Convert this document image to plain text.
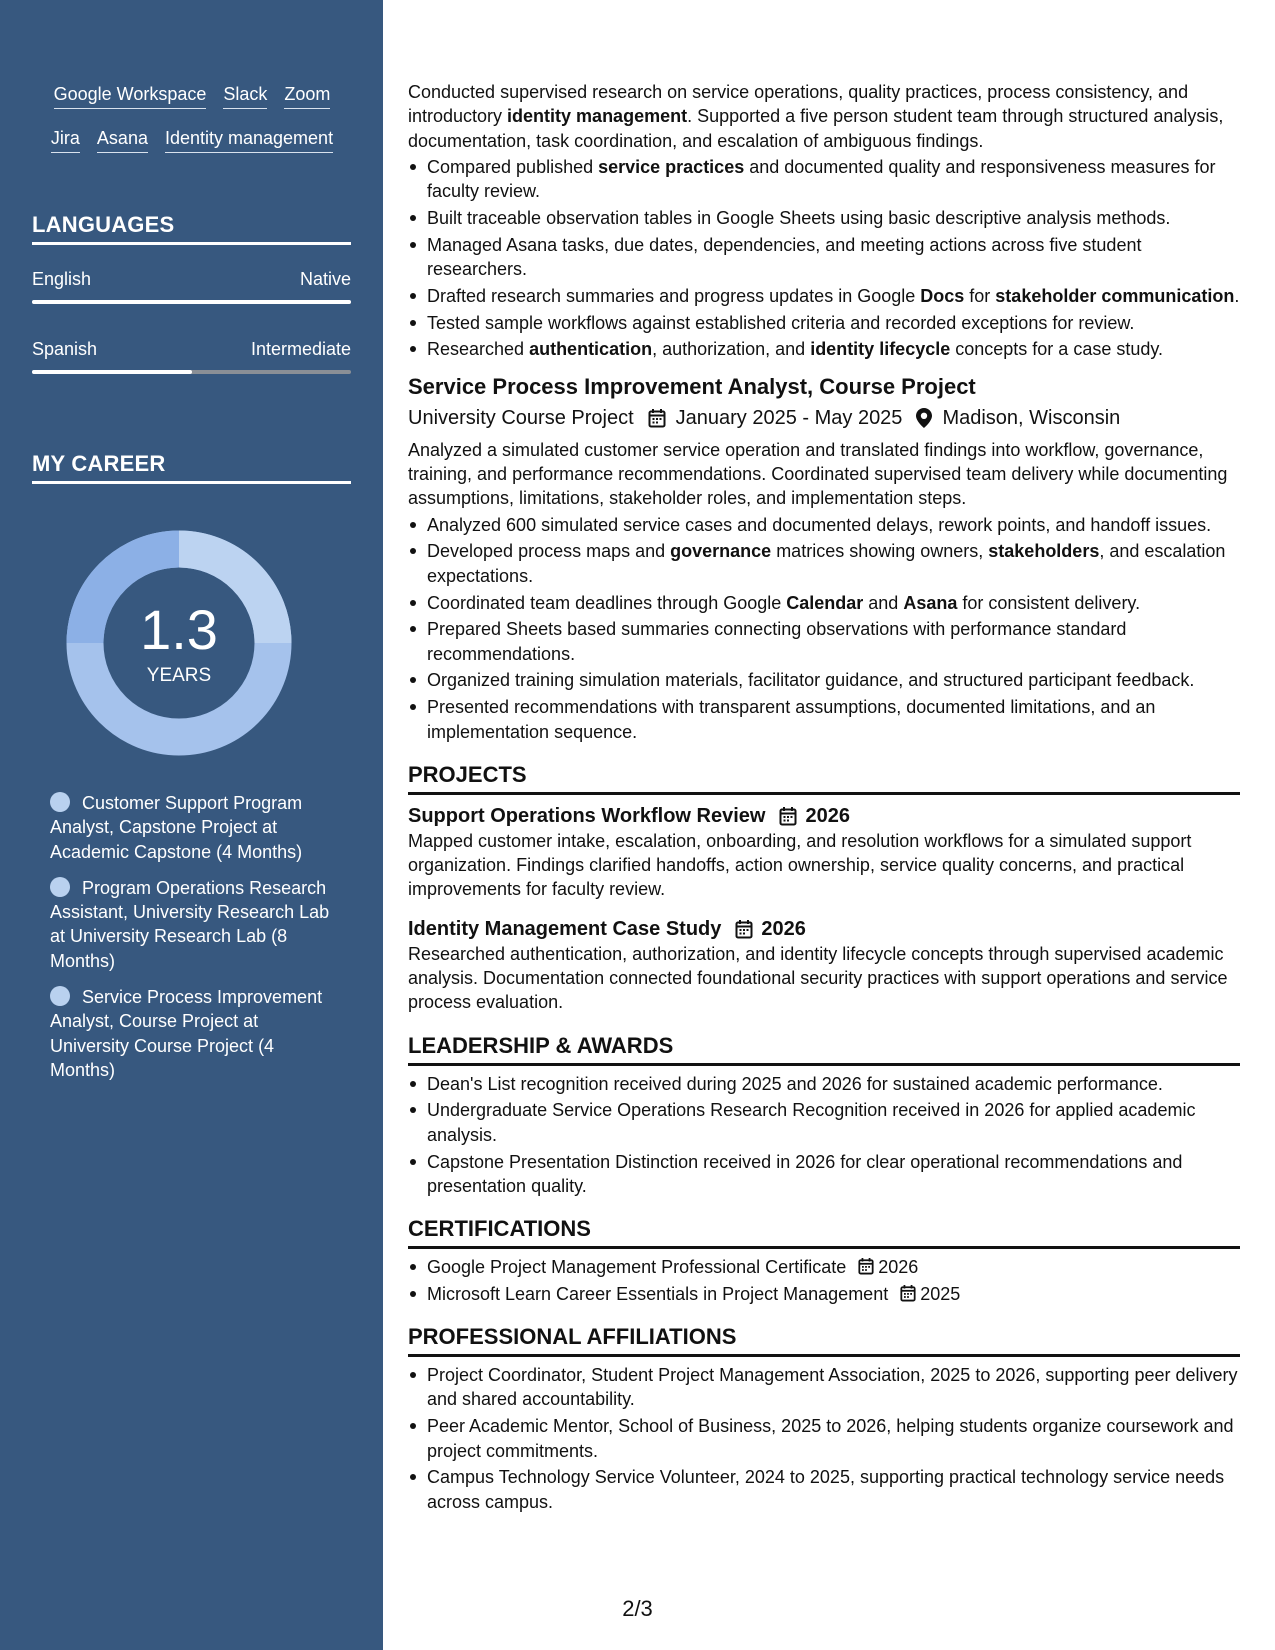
Google Workspace Slack Zoom
Jira Asana Identity management
LANGUAGES
English	Native
Spanish	Intermediate
MY CAREER
1.3
YEARS
Customer Support Program Analyst, Capstone Project at Academic Capstone (4 Months)
Program Operations Research Assistant, University Research Lab at University Research Lab (8 Months)
Service Process Improvement Analyst, Course Project at University Course Project (4 Months)

Conducted supervised research on service operations, quality practices, process consistency, and introductory identity management. Supported a five person student team through structured analysis, documentation, task coordination, and escalation of ambiguous findings.

Compared published service practices and documented quality and responsiveness measures for faculty review.
Built traceable observation tables in Google Sheets using basic descriptive analysis methods.
Managed Asana tasks, due dates, dependencies, and meeting actions across five student researchers.
Drafted research summaries and progress updates in Google Docs for stakeholder communication.
Tested sample workflows against established criteria and recorded exceptions for review.
Researched authentication, authorization, and identity lifecycle concepts for a case study.
Service Process Improvement Analyst, Course Project
University Course Project January 2025 - May 2025 Madison, Wisconsin

Analyzed a simulated customer service operation and translated findings into workflow, governance, training, and performance recommendations. Coordinated supervised team delivery while documenting assumptions, limitations, stakeholder roles, and implementation steps.

Analyzed 600 simulated service cases and documented delays, rework points, and handoff issues.
Developed process maps and governance matrices showing owners, stakeholders, and escalation expectations.
Coordinated team deadlines through Google Calendar and Asana for consistent delivery.
Prepared Sheets based summaries connecting observations with performance standard recommendations.
Organized training simulation materials, facilitator guidance, and structured participant feedback.
Presented recommendations with transparent assumptions, documented limitations, and an implementation sequence.
PROJECTS
Support Operations Workflow Review 2026

Mapped customer intake, escalation, onboarding, and resolution workflows for a simulated support organization. Findings clarified handoffs, action ownership, service quality concerns, and practical improvements for faculty review.

Identity Management Case Study 2026

Researched authentication, authorization, and identity lifecycle concepts through supervised academic analysis. Documentation connected foundational security practices with support operations and service process evaluation.

LEADERSHIP & AWARDS
Dean's List recognition received during 2025 and 2026 for sustained academic performance.
Undergraduate Service Operations Research Recognition received in 2026 for applied academic analysis.
Capstone Presentation Distinction received in 2026 for clear operational recommendations and presentation quality.
CERTIFICATIONS
Google Project Management Professional Certificate 2026
Microsoft Learn Career Essentials in Project Management 2025
PROFESSIONAL AFFILIATIONS
Project Coordinator, Student Project Management Association, 2025 to 2026, supporting peer delivery and shared accountability.
Peer Academic Mentor, School of Business, 2025 to 2026, helping students organize coursework and project commitments.
Campus Technology Service Volunteer, 2024 to 2025, supporting practical technology service needs across campus.
2/3
